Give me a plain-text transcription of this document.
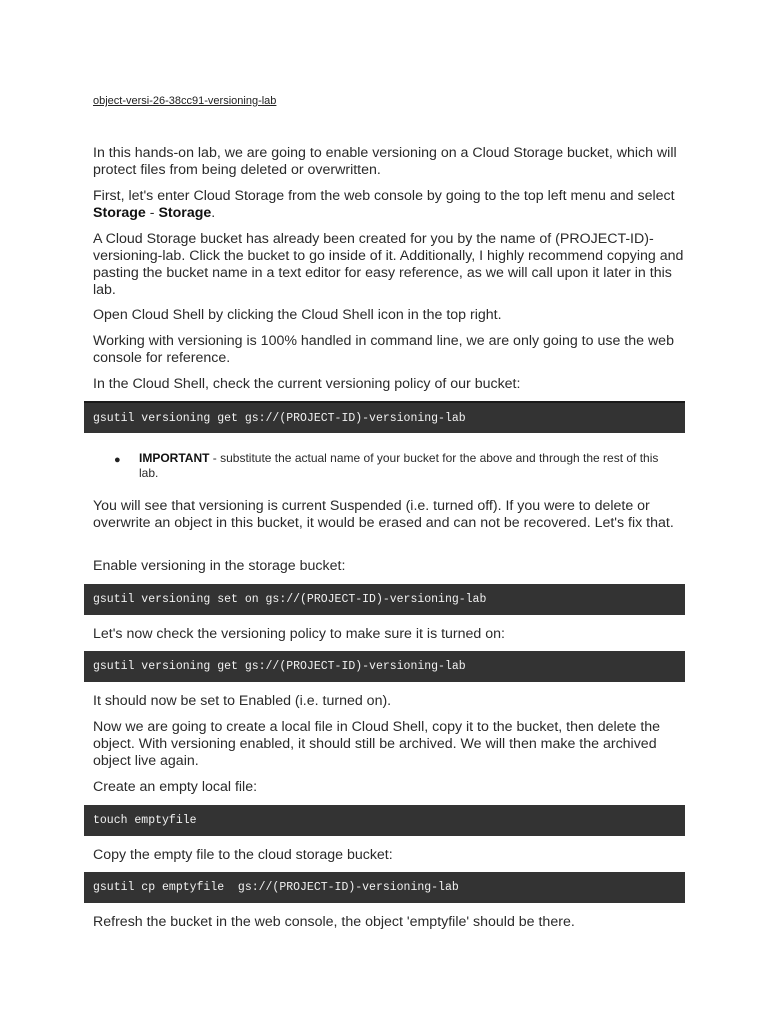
object-versi-26-38cc91-versioning-lab

In this hands-on lab, we are going to enable versioning on a Cloud Storage bucket, which will protect files from being deleted or overwritten.

First, let's enter Cloud Storage from the web console by going to the top left menu and select Storage - Storage.

A Cloud Storage bucket has already been created for you by the name of (PROJECT-ID)-versioning-lab. Click the bucket to go inside of it. Additionally, I highly recommend copying and pasting the bucket name in a text editor for easy reference, as we will call upon it later in this lab.

Open Cloud Shell by clicking the Cloud Shell icon in the top right.

Working with versioning is 100% handled in command line, we are only going to use the web console for reference.

In the Cloud Shell, check the current versioning policy of our bucket:

gsutil versioning get gs://(PROJECT-ID)-versioning-lab
● IMPORTANT - substitute the actual name of your bucket for the above and through the rest of this lab.

You will see that versioning is current Suspended (i.e. turned off). If you were to delete or overwrite an object in this bucket, it would be erased and can not be recovered. Let's fix that.

Enable versioning in the storage bucket:

gsutil versioning set on gs://(PROJECT-ID)-versioning-lab

Let's now check the versioning policy to make sure it is turned on:

gsutil versioning get gs://(PROJECT-ID)-versioning-lab

It should now be set to Enabled (i.e. turned on).

Now we are going to create a local file in Cloud Shell, copy it to the bucket, then delete the object. With versioning enabled, it should still be archived. We will then make the archived object live again.

Create an empty local file:

touch emptyfile

Copy the empty file to the cloud storage bucket:

gsutil cp emptyfile  gs://(PROJECT-ID)-versioning-lab

Refresh the bucket in the web console, the object 'emptyfile' should be there.
